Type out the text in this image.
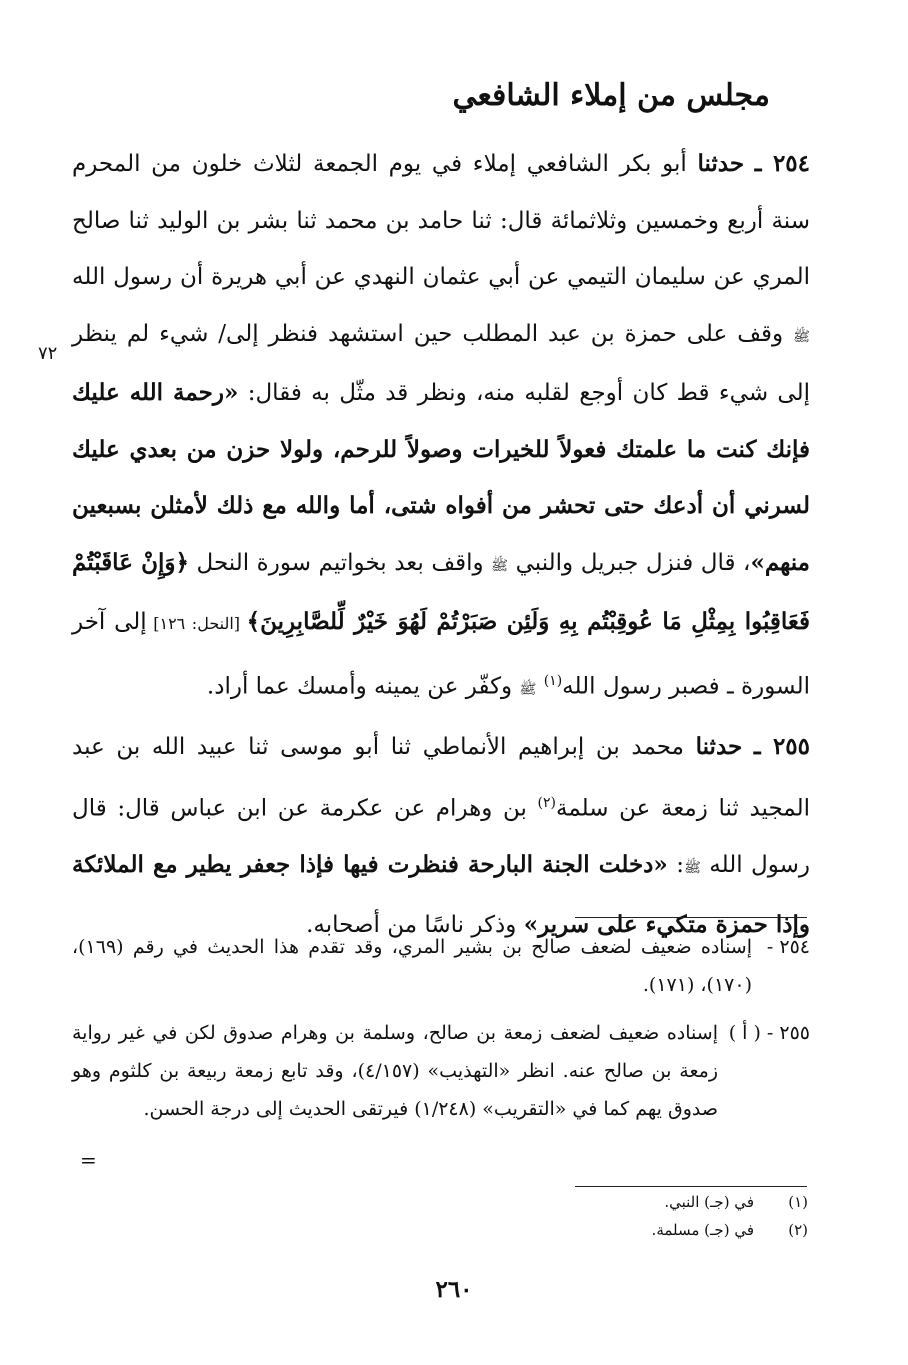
مجلس من إملاء الشافعي
٧٢

٢٥٤ ـ حدثنا أبو بكر الشافعي إملاء في يوم الجمعة لثلاث خلون من المحرم سنة أربع وخمسين وثلاثمائة قال: ثنا حامد بن محمد ثنا بشر بن الوليد ثنا صالح المري عن سليمان التيمي عن أبي عثمان النهدي عن أبي هريرة أن رسول الله ﷺ وقف على حمزة بن عبد المطلب حين استشهد فنظر إلى/ شيء لم ينظر إلى شيء قط كان أوجع لقلبه منه، ونظر قد مثّل به فقال: «رحمة الله عليك فإنك كنت ما علمتك فعولاً للخيرات وصولاً للرحم، ولولا حزن من بعدي عليك لسرني أن أدعك حتى تحشر من أفواه شتى، أما والله مع ذلك لأمثلن بسبعين منهم»، قال فنزل جبريل والنبي ﷺ واقف بعد بخواتيم سورة النحل ﴿وَإِنْ عَاقَبْتُمْ فَعَاقِبُوا بِمِثْلِ مَا عُوقِبْتُم بِهِ وَلَئِن صَبَرْتُمْ لَهُوَ خَيْرٌ لِّلصَّابِرِينَ﴾ [النحل: ١٢٦] إلى آخر السورة ـ فصبر رسول الله$^{(١)}$ ﷺ وكفّر عن يمينه وأمسك عما أراد.

٢٥٥ ـ حدثنا محمد بن إبراهيم الأنماطي ثنا أبو موسى ثنا عبيد الله بن عبد المجيد ثنا زمعة عن سلمة$^{(٢)}$ بن وهرام عن عكرمة عن ابن عباس قال: قال رسول الله ﷺ: «دخلت الجنة البارحة فنظرت فيها فإذا جعفر يطير مع الملائكة وإذا حمزة متكيء على سرير» وذكر ناسًا من أصحابه.

٢٥٤ -
إسناده ضعيف لضعف صالح بن بشير المري، وقد تقدم هذا الحديث في رقم (١٦٩)، (١٧٠)، (١٧١).
٢٥٥ - ( أ )
إسناده ضعيف لضعف زمعة بن صالح، وسلمة بن وهرام صدوق لكن في غير رواية زمعة بن صالح عنه. انظر «التهذيب» (٤/١٥٧)، وقد تابع زمعة ربيعة بن كلثوم وهو صدوق يهم كما في «التقريب» (١/٢٤٨) فيرتقى الحديث إلى درجة الحسن.
=
(١)في (جـ) النبي.
(٢)في (جـ) مسلمة.
٢٦٠
